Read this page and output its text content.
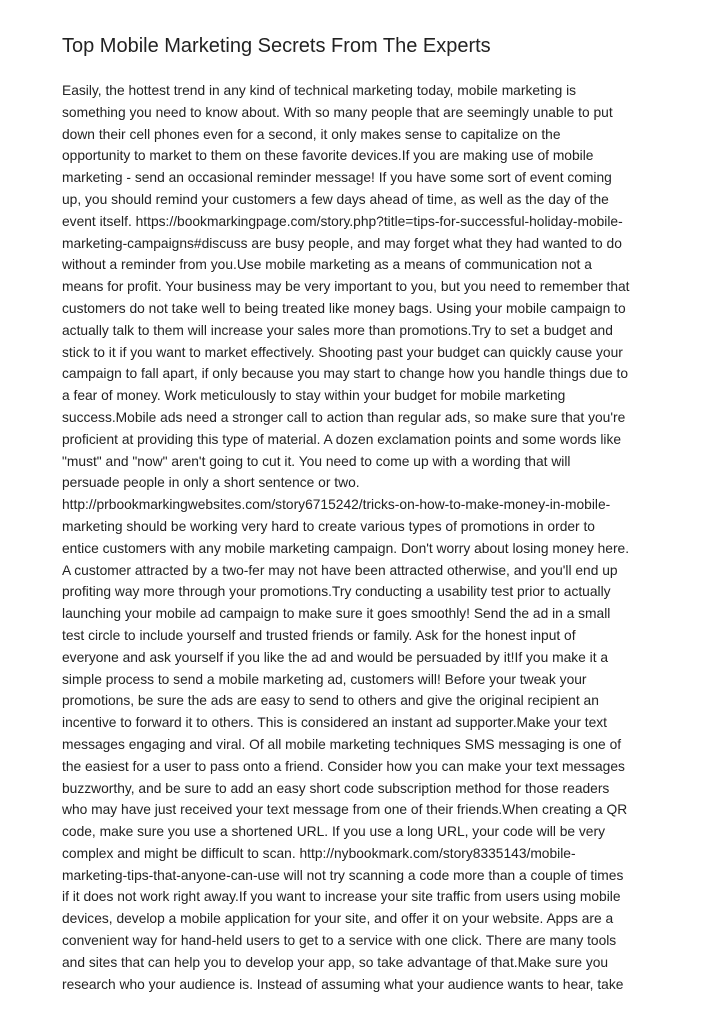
Top Mobile Marketing Secrets From The Experts
Easily, the hottest trend in any kind of technical marketing today, mobile marketing is
something you need to know about. With so many people that are seemingly unable to put
down their cell phones even for a second, it only makes sense to capitalize on the
opportunity to market to them on these favorite devices.If you are making use of mobile
marketing - send an occasional reminder message! If you have some sort of event coming
up, you should remind your customers a few days ahead of time, as well as the day of the
event itself. https://bookmarkingpage.com/story.php?title=tips-for-successful-holiday-mobile-
marketing-campaigns#discuss are busy people, and may forget what they had wanted to do
without a reminder from you.Use mobile marketing as a means of communication not a
means for profit. Your business may be very important to you, but you need to remember that
customers do not take well to being treated like money bags. Using your mobile campaign to
actually talk to them will increase your sales more than promotions.Try to set a budget and
stick to it if you want to market effectively. Shooting past your budget can quickly cause your
campaign to fall apart, if only because you may start to change how you handle things due to
a fear of money. Work meticulously to stay within your budget for mobile marketing
success.Mobile ads need a stronger call to action than regular ads, so make sure that you're
proficient at providing this type of material. A dozen exclamation points and some words like
"must" and "now" aren't going to cut it. You need to come up with a wording that will
persuade people in only a short sentence or two.
http://prbookmarkingwebsites.com/story6715242/tricks-on-how-to-make-money-in-mobile-
marketing should be working very hard to create various types of promotions in order to
entice customers with any mobile marketing campaign. Don't worry about losing money here.
A customer attracted by a two-fer may not have been attracted otherwise, and you'll end up
profiting way more through your promotions.Try conducting a usability test prior to actually
launching your mobile ad campaign to make sure it goes smoothly! Send the ad in a small
test circle to include yourself and trusted friends or family. Ask for the honest input of
everyone and ask yourself if you like the ad and would be persuaded by it!If you make it a
simple process to send a mobile marketing ad, customers will! Before your tweak your
promotions, be sure the ads are easy to send to others and give the original recipient an
incentive to forward it to others. This is considered an instant ad supporter.Make your text
messages engaging and viral. Of all mobile marketing techniques SMS messaging is one of
the easiest for a user to pass onto a friend. Consider how you can make your text messages
buzzworthy, and be sure to add an easy short code subscription method for those readers
who may have just received your text message from one of their friends.When creating a QR
code, make sure you use a shortened URL. If you use a long URL, your code will be very
complex and might be difficult to scan. http://nybookmark.com/story8335143/mobile-
marketing-tips-that-anyone-can-use will not try scanning a code more than a couple of times
if it does not work right away.If you want to increase your site traffic from users using mobile
devices, develop a mobile application for your site, and offer it on your website. Apps are a
convenient way for hand-held users to get to a service with one click. There are many tools
and sites that can help you to develop your app, so take advantage of that.Make sure you
research who your audience is. Instead of assuming what your audience wants to hear, take
